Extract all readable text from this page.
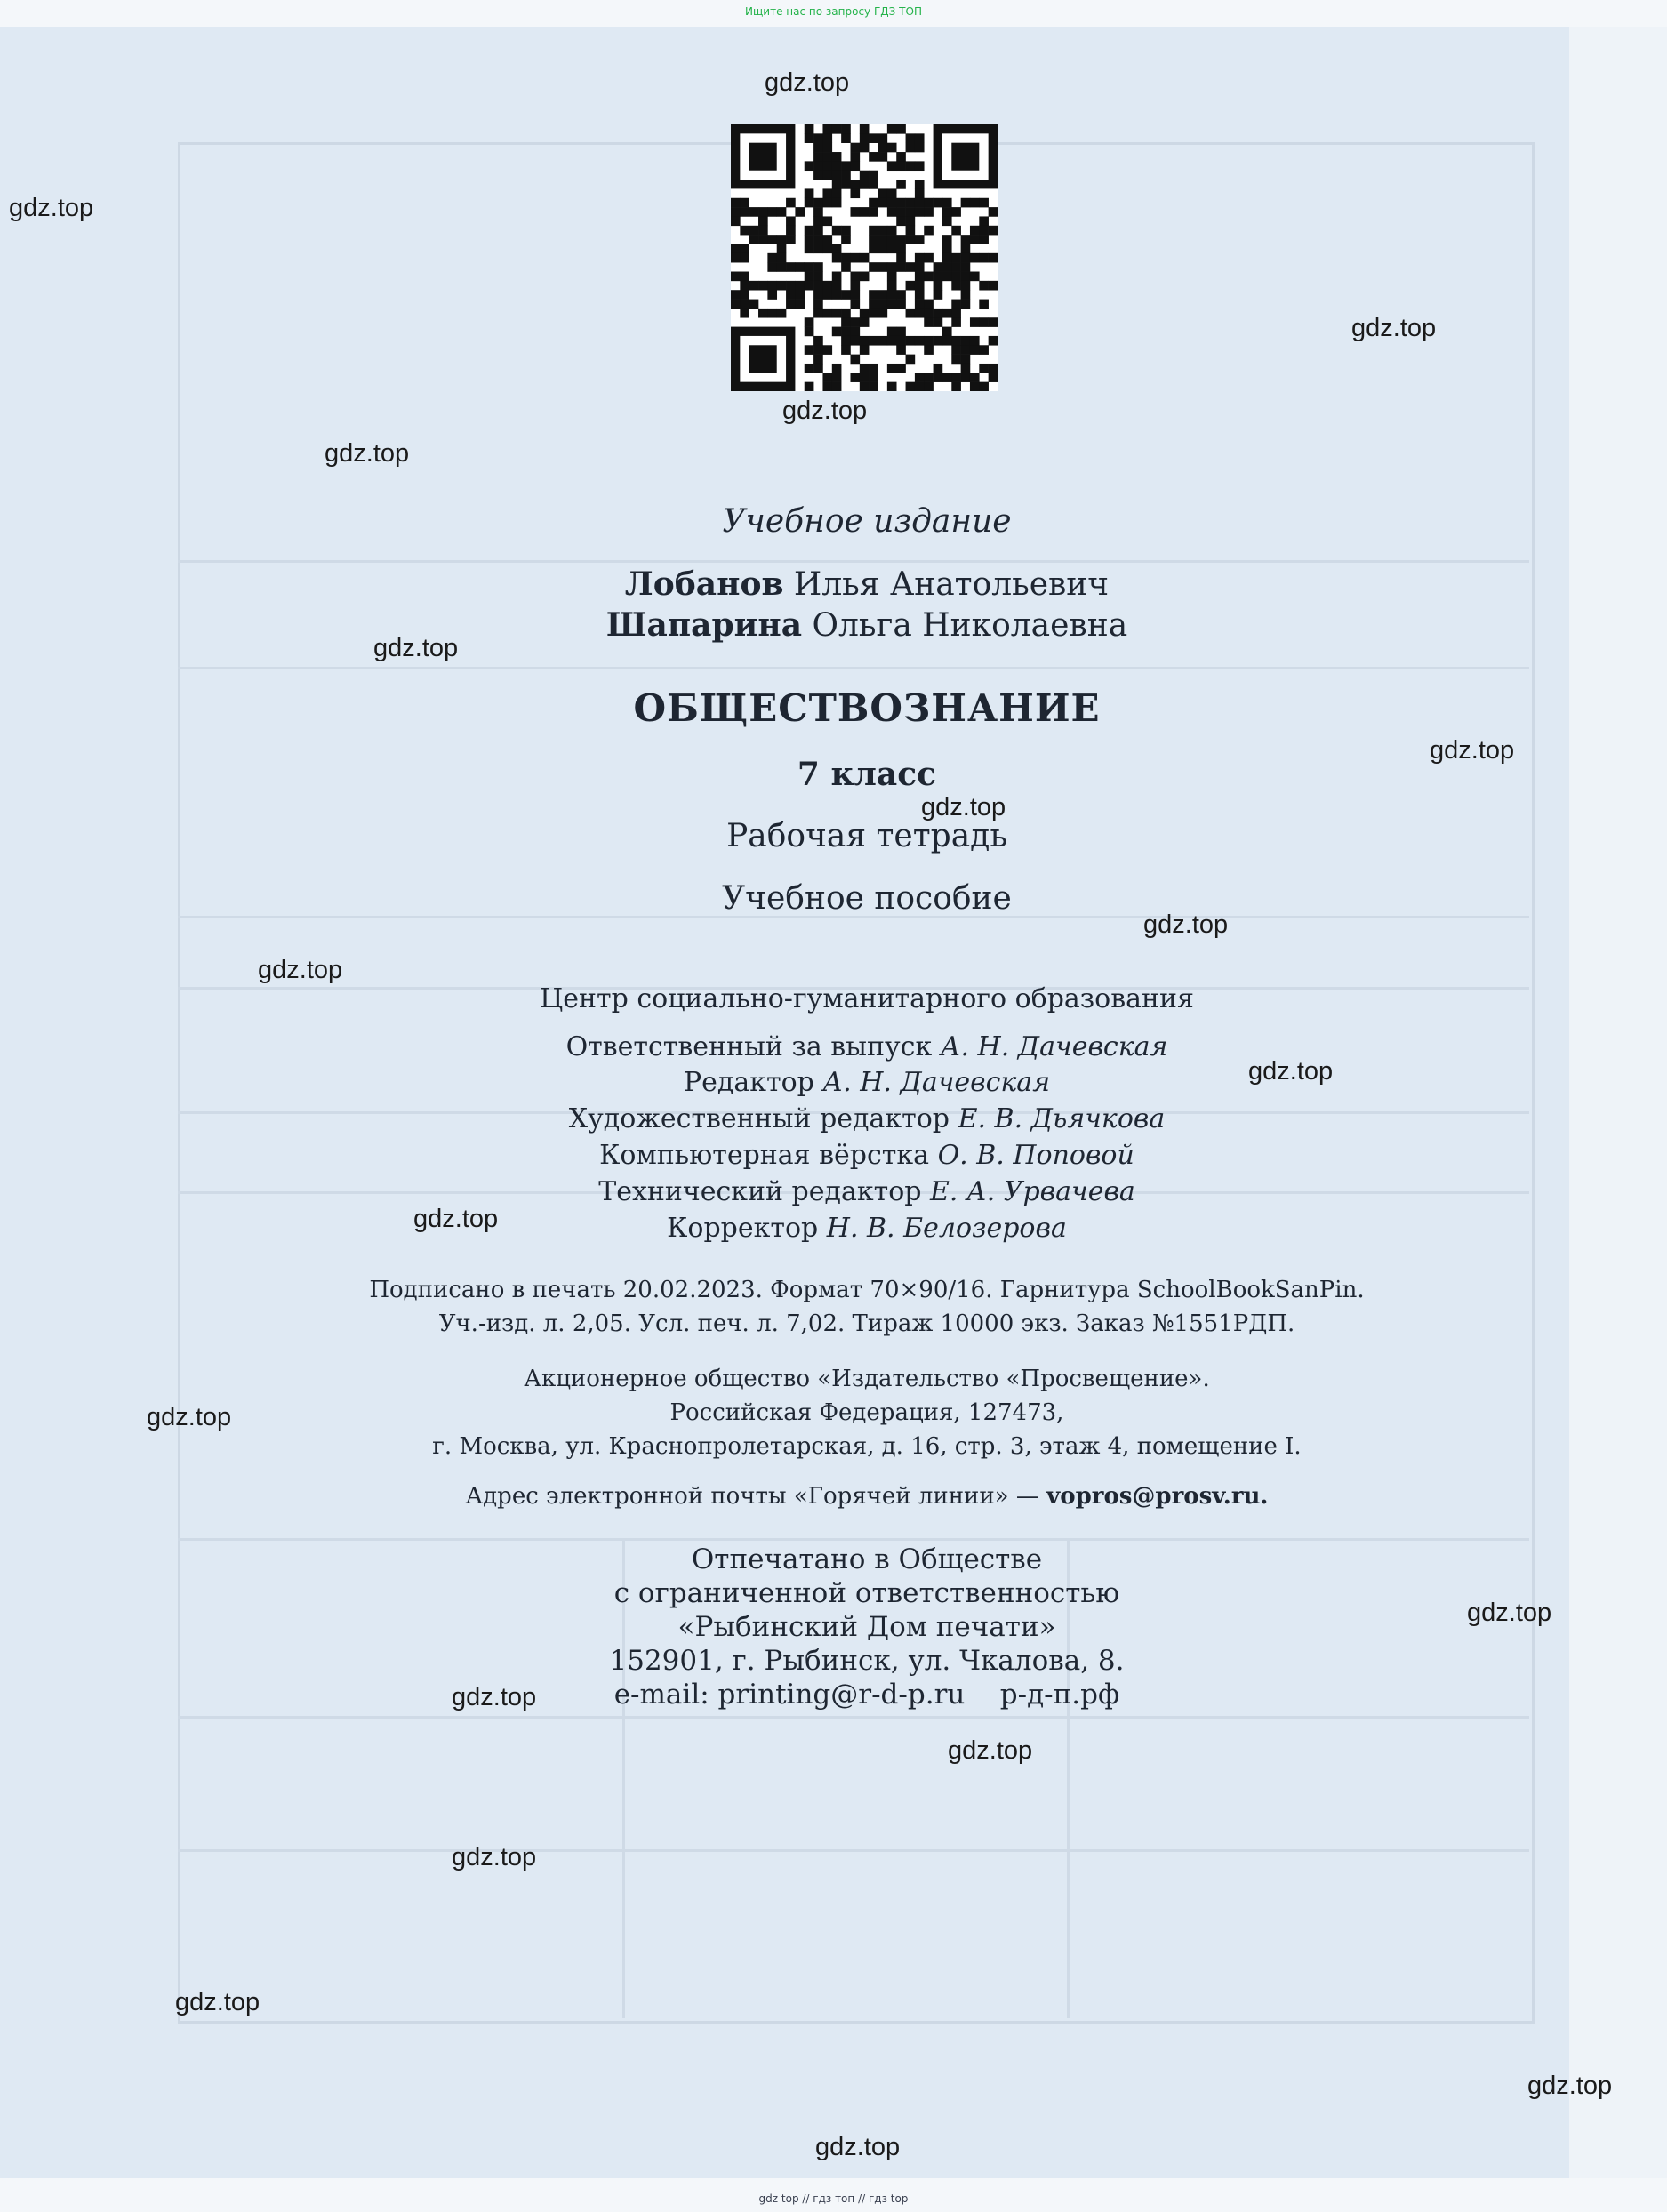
Ищите нас по запросу ГДЗ ТОП
Учебное издание
Лобанов Илья Анатольевич
Шапарина Ольга Николаевна
ОБЩЕСТВОЗНАНИЕ
7 класс
Рабочая тетрадь
Учебное пособие
Центр социально-гуманитарного образования
Ответственный за выпуск А. Н. Дачевская
Редактор А. Н. Дачевская
Художественный редактор Е. В. Дьячкова
Компьютерная вёрстка О. В. Поповой
Технический редактор Е. А. Урвачева
Корректор Н. В. Белозерова
Подписано в печать 20.02.2023. Формат 70×90/16. Гарнитура SchoolBookSanPin.
Уч.-изд. л. 2,05. Усл. печ. л. 7,02. Тираж 10000 экз. Заказ №1551РДП.
Акционерное общество «Издательство «Просвещение».
Российская Федерация, 127473,
г. Москва, ул. Краснопролетарская, д. 16, стр. 3, этаж 4, помещение I.
Адрес электронной почты «Горячей линии» — vopros@prosv.ru.
Отпечатано в Обществе
с ограниченной ответственностью
«Рыбинский Дом печати»
152901, г. Рыбинск, ул. Чкалова, 8.
e-mail: printing@r-d-p.ru    р-д-п.рф
gdz.top
gdz.top
gdz.top
gdz.top
gdz.top
gdz.top
gdz.top
gdz.top
gdz.top
gdz.top
gdz.top
gdz.top
gdz.top
gdz.top
gdz.top
gdz.top
gdz.top
gdz.top
gdz.top
gdz.top
gdz top // гдз топ // гдз top
